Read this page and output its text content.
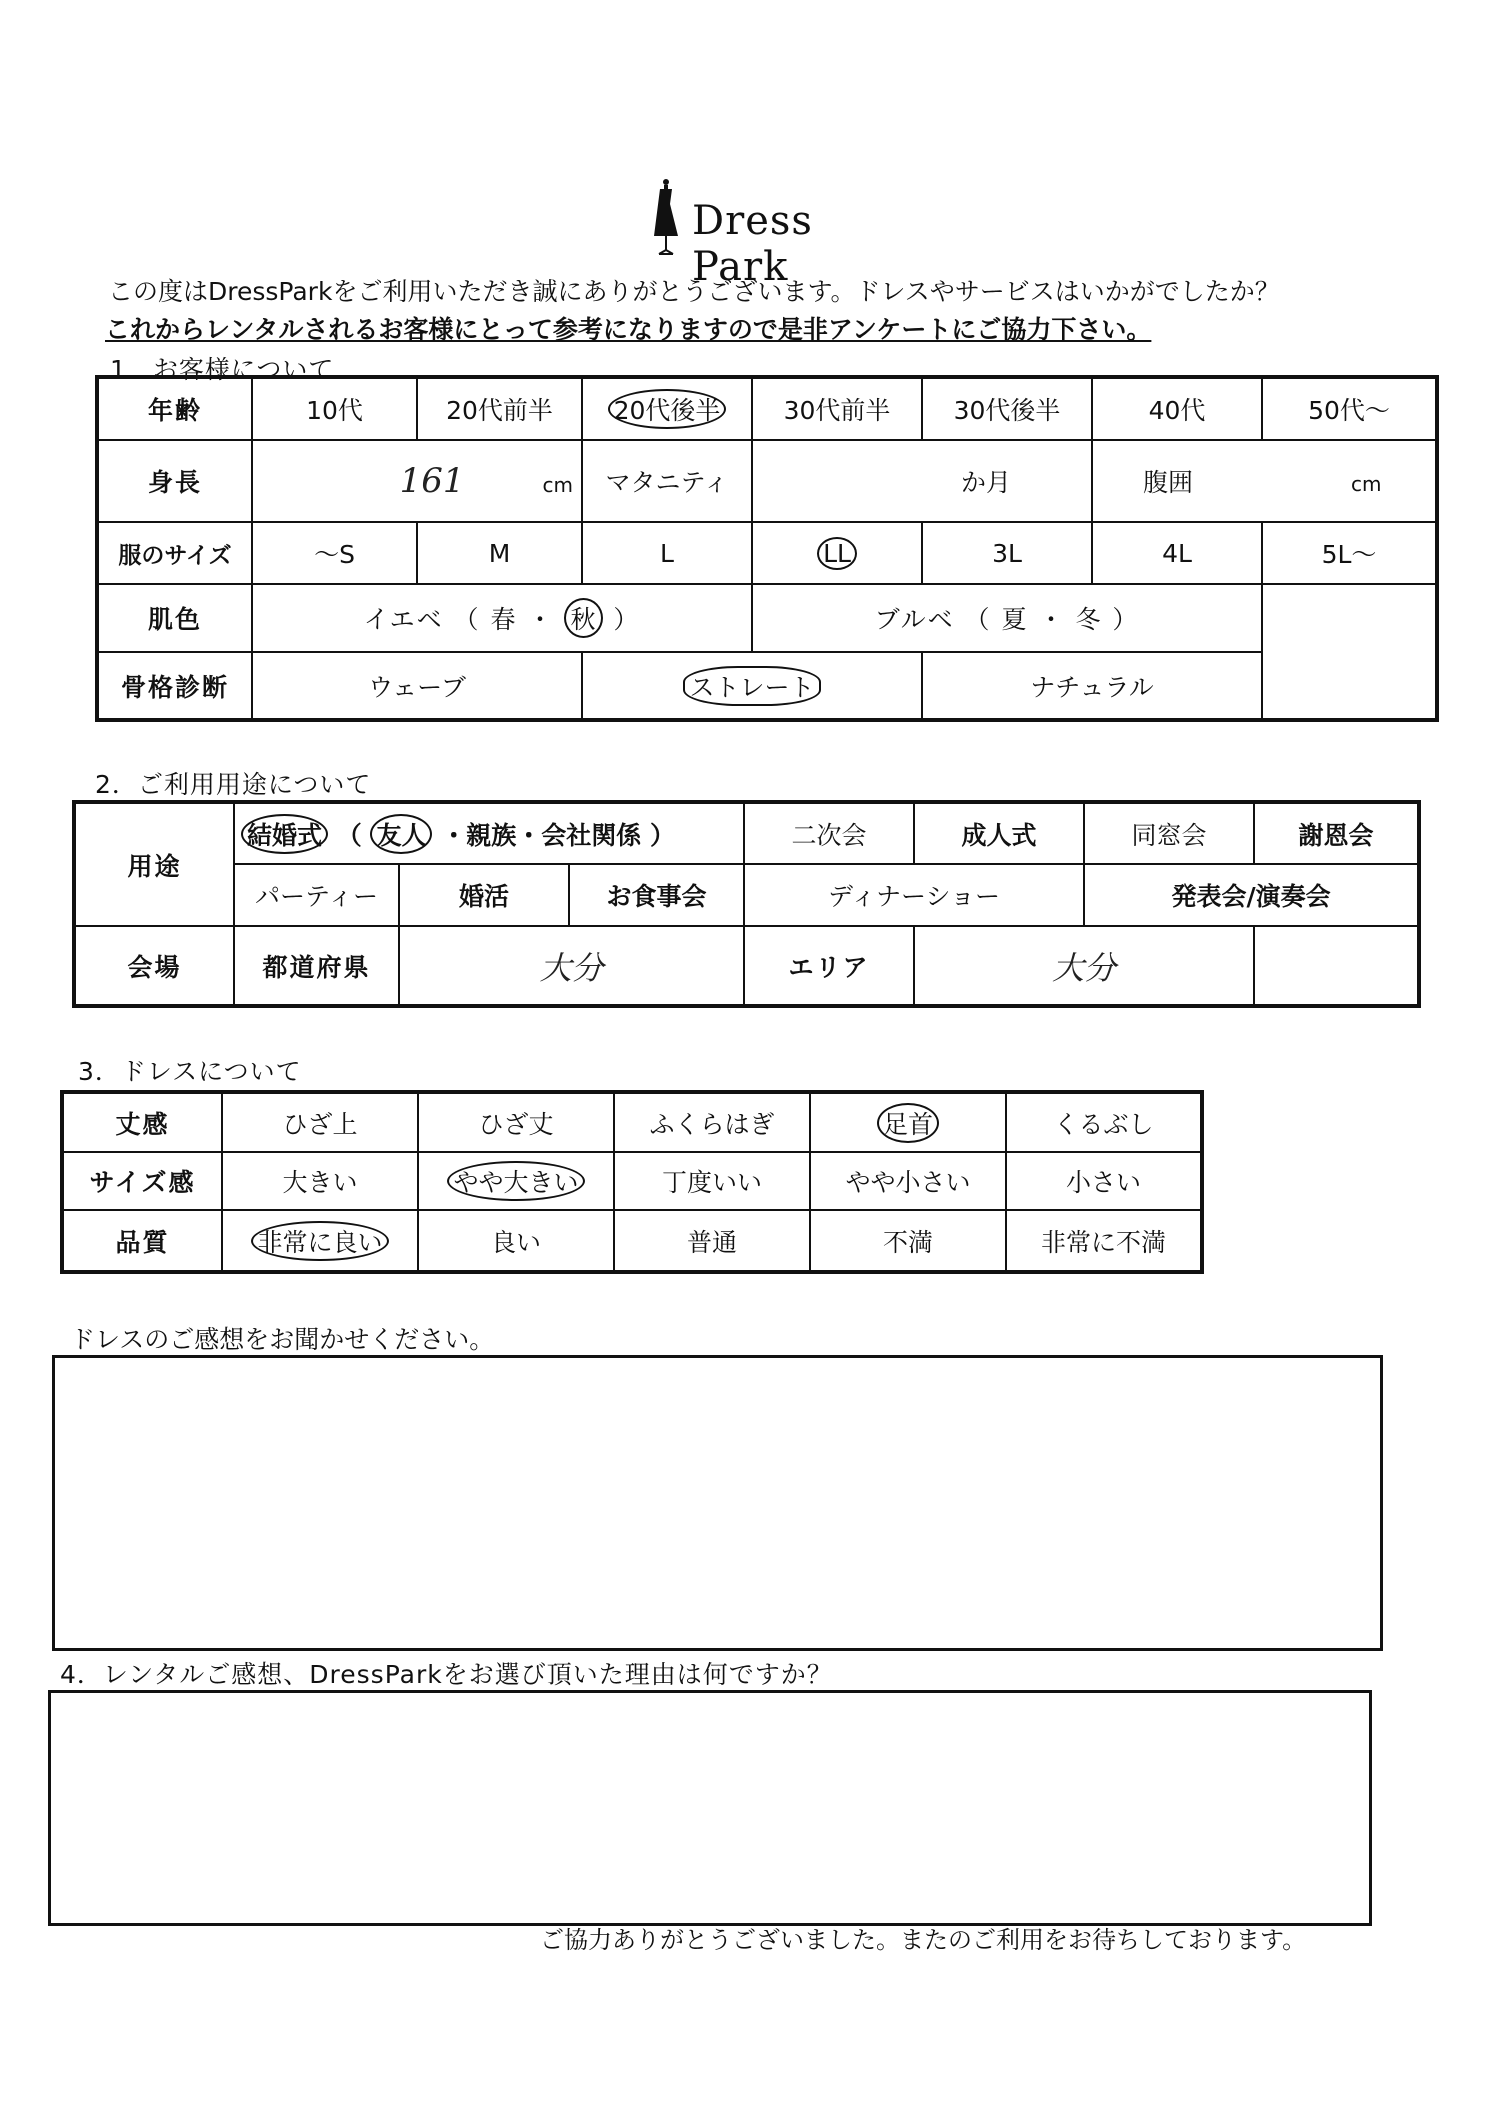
Dress Park
この度はDressParkをご利用いただき誠にありがとうございます。ドレスやサービスはいかがでしたか？
これからレンタルされるお客様にとって参考になりますので是非アンケートにご協力下さい。
1．お客様について
年齢	10代	20代前半	20代後半	30代前半	30代後半	40代	50代～
身長	161 cm		マタニティ	か月		腹囲 cm	
服のサイズ	～S	M	L	LL	3L	4L	5L～
肌色	イエベ （ 春 ・ 秋 ）			ブルベ （ 夏 ・ 冬 ）			
骨格診断	ウェーブ		ストレート		ナチュラル		
2．ご利用用途について
用途	結婚式 （ 友人 ・親族・会社関係 ）			二次会	成人式	同窓会	謝恩会
	パーティー	婚活	お食事会	ディナーショー		発表会/演奏会	
会場	都道府県	大分		エリア	大分		
3．ドレスについて
丈感	ひざ上	ひざ丈	ふくらはぎ	足首	くるぶし
サイズ感	大きい	やや大きい	丁度いい	やや小さい	小さい
品質	非常に良い	良い	普通	不満	非常に不満
ドレスのご感想をお聞かせください。
4．レンタルご感想、DressParkをお選び頂いた理由は何ですか？
ご協力ありがとうございました。またのご利用をお待ちしております。
